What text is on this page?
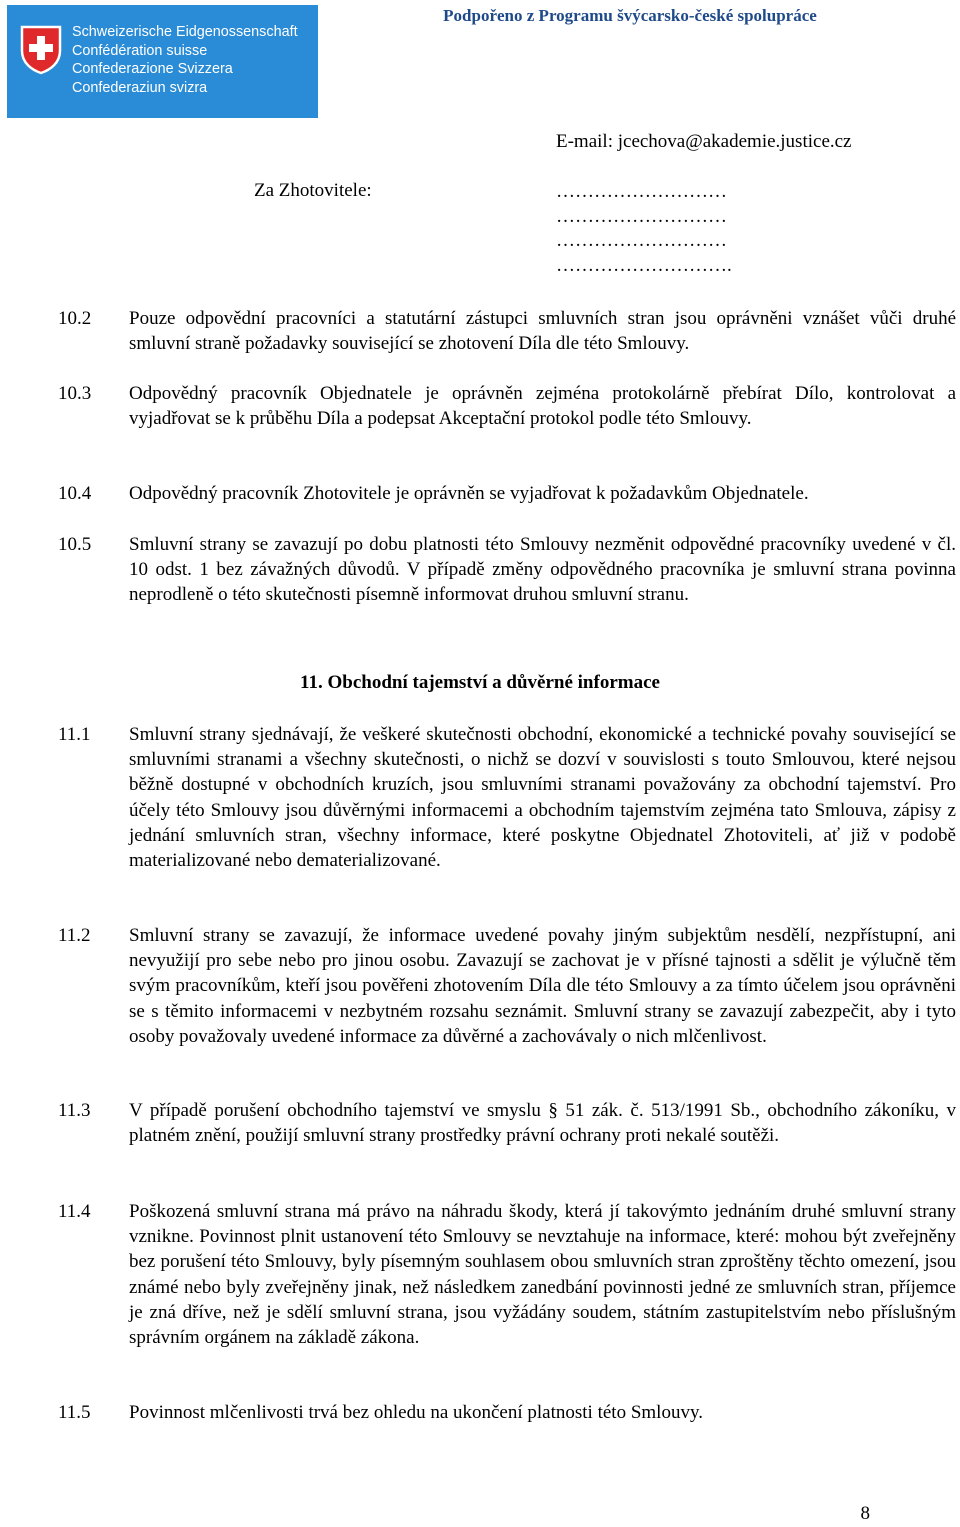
Schweizerische Eidgenossenschaft
Confédération suisse
Confederazione Svizzera
Confederaziun svizra
Podpořeno z Programu švýcarsko-české spolupráce
E-mail: jcechova@akademie.justice.cz
Za Zhotovitele:	………………………
………………………
………………………
……………………….
10.2 Pouze odpovědní pracovníci a statutární zástupci smluvních stran jsou oprávněni vznášet vůči druhé smluvní straně požadavky související se zhotovení Díla dle této Smlouvy.
10.3 Odpovědný pracovník Objednatele je oprávněn zejména protokolárně přebírat Dílo, kontrolovat a vyjadřovat se k průběhu Díla a podepsat Akceptační protokol podle této Smlouvy.
10.4 Odpovědný pracovník Zhotovitele je oprávněn se vyjadřovat k požadavkům Objednatele.
10.5 Smluvní strany se zavazují po dobu platnosti této Smlouvy nezměnit odpovědné pracovníky uvedené v čl. 10 odst. 1 bez závažných důvodů. V případě změny odpovědného pracovníka je smluvní strana povinna neprodleně o této skutečnosti písemně informovat druhou smluvní stranu.
11. Obchodní tajemství a důvěrné informace
11.1 Smluvní strany sjednávají, že veškeré skutečnosti obchodní, ekonomické a technické povahy související se smluvními stranami a všechny skutečnosti, o nichž se dozví v souvislosti s touto Smlouvou, které nejsou běžně dostupné v obchodních kruzích, jsou smluvními stranami považovány za obchodní tajemství. Pro účely této Smlouvy jsou důvěrnými informacemi a obchodním tajemstvím zejména tato Smlouva, zápisy z jednání smluvních stran, všechny informace, které poskytne Objednatel Zhotoviteli, ať již v podobě materializované nebo dematerializované.
11.2 Smluvní strany se zavazují, že informace uvedené povahy jiným subjektům nesdělí, nezpřístupní, ani nevyužijí pro sebe nebo pro jinou osobu. Zavazují se zachovat je v přísné tajnosti a sdělit je výlučně těm svým pracovníkům, kteří jsou pověřeni zhotovením Díla dle této Smlouvy a za tímto účelem jsou oprávněni se s těmito informacemi v nezbytném rozsahu seznámit. Smluvní strany se zavazují zabezpečit, aby i tyto osoby považovaly uvedené informace za důvěrné a zachovávaly o nich mlčenlivost.
11.3 V případě porušení obchodního tajemství ve smyslu § 51 zák. č. 513/1991 Sb., obchodního zákoníku, v platném znění, použijí smluvní strany prostředky právní ochrany proti nekalé soutěži.
11.4 Poškozená smluvní strana má právo na náhradu škody, která jí takovýmto jednáním druhé smluvní strany vznikne. Povinnost plnit ustanovení této Smlouvy se nevztahuje na informace, které: mohou být zveřejněny bez porušení této Smlouvy, byly písemným souhlasem obou smluvních stran zproštěny těchto omezení, jsou známé nebo byly zveřejněny jinak, než následkem zanedbání povinnosti jedné ze smluvních stran, příjemce je zná dříve, než je sdělí smluvní strana, jsou vyžádány soudem, státním zastupitelstvím nebo příslušným správním orgánem na základě zákona.
11.5 Povinnost mlčenlivosti trvá bez ohledu na ukončení platnosti této Smlouvy.
8
